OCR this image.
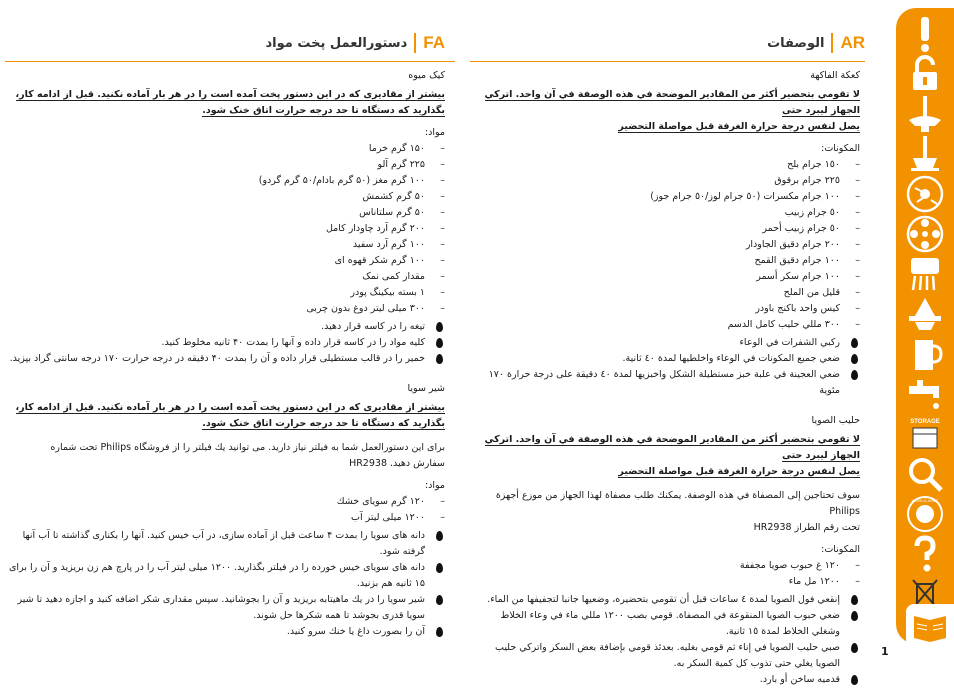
FA
دستورالعمل پخت مواد
کیک میوه
بیشتر از مقادیری که در این دستور پخت آمده است را در هر بار آماده نکنید. قبل از ادامه کار،
بگذارید که دستگاه تا حد درجه حرارت اتاق خنک شود.
مواد:
– ۱۵۰ گرم خرما
– ۲۲۵ گرم آلو
– ۱۰۰ گرم مغز (۵۰ گرم بادام/۵۰ گرم گردو)
– ۵۰ گرم کشمش
– ۵۰ گرم سلتاناس
– ۲۰۰ گرم آرد چاودار کامل
– ۱۰۰ گرم آرد سفید
– ۱۰۰ گرم شکر قهوه ای
– مقدار کمی نمک
– ۱ بسته بیکینگ پودر
– ۳۰۰ میلی لیتر دوغ بدون چربی
تیغه را در کاسه قرار دهید.
کلیه مواد را در کاسه قرار داده و آنها را بمدت ۴۰ ثانیه مخلوط کنید.
خمیر را در قالب مستطیلی قرار داده و آن را بمدت ۴۰ دقیقه در درجه حرارت ۱۷۰ درجه سانتی گراد بپزید.
شیر سویا
بیشتر از مقادیری که در این دستور پخت آمده است را در هر بار آماده نکنید. قبل از ادامه کار،
بگذارید که دستگاه تا حد درجه حرارت اتاق خنک شود.
برای این دستورالعمل شما به فیلتر نیاز دارید. می توانید یك فیلتر را از فروشگاه Philips تحت شماره
سفارش دهید. HR2938
مواد:
– ۱۲۰ گرم سویای خشك
– ۱۲۰۰ میلی لیتر آب
دانه های سویا را بمدت ۴ ساعت قبل از آماده سازی، در آب خیس کنید. آنها را بکناری گذاشته تا آب آنها گرفته شود.
دانه های سویای خیس خورده را در فیلتر بگذارید. ۱۲۰۰ میلی لیتر آب را در پارچ هم زن بریزید و آن را برای ۱۵ ثانیه هم بزنید.
شیر سویا را در یك ماهیتابه بریزید و آن را بجوشانید. سپس مقداری شکر اضافه کنید و اجازه دهید تا شیر سویا قدری بجوشد تا همه شکرها حل شوند.
آن را بصورت داغ یا خنك سرو کنید.
AR
الوصفات
كعكة الفاكهة
لا تقومي بتحضير أكثر من المقادير الموضحة في هذه الوصفة في آن واحد. اتركي الجهاز ليبرد حتى
يصل لنفس درجة حرارة الغرفة قبل مواصلة التحضير
المكونات:
– ١٥٠ جرام بلح
– ٢٢٥ جرام برقوق
– ١٠٠ جرام مكسرات (٥٠ جرام لوز/٥٠ جرام جوز)
– ٥٠ جرام زبيب
– ٥٠ جرام زبيب أحمر
– ٢٠٠ جرام دقيق الجاودار
– ١٠٠ جرام دقيق القمح
– ١٠٠ جرام سكر أسمر
– قليل من الملح
– كيس واحد باكنج باودر
– ٣٠٠ مللي حليب كامل الدسم
ركبي الشفرات في الوعاء
ضعي جميع المكونات في الوعاء واخلطيها لمدة ٤٠ ثانية.
ضعي العجينة في علبة خبز مستطيلة الشكل واخبزيها لمدة ٤٠ دقيقة على درجة حرارة ١٧٠ مئوية
حليب الصويا
لا تقومي بتحضير أكثر من المقادير الموضحة في هذه الوصفة في آن واحد. اتركي الجهاز ليبرد حتى
يصل لنفس درجة حرارة الغرفة قبل مواصلة التحضير
سوف تحتاجين إلى المصفاة في هذه الوصفة. يمكنك طلب مصفاة لهذا الجهاز من موزع أجهزة Philips
تحت رقم الطراز HR2938
المكونات:
– ١٢٠ غ حبوب صويا مجففة
– ١٢٠٠ مل ماء
إنقعي فول الصويا لمدة ٤ ساعات قبل أن تقومي بتحضيره، وضعيها جانبا لتجفيفها من الماء.
ضعي حبوب الصويا المنقوعة في المصفاة. قومي بصب ١٢٠٠ مللي ماء في وعاء الخلاط وشغلي الخلاط لمدة ١٥ ثانية.
صبي حليب الصويا في إناء ثم قومي بغليه. بعدئذ قومي بإضافة بعض السكر واتركي حليب الصويا يغلي حتى تذوب كل كمية السكر به.
قدميه ساخن أو بارد.
STORAGE
WORLD-WIDE
1
